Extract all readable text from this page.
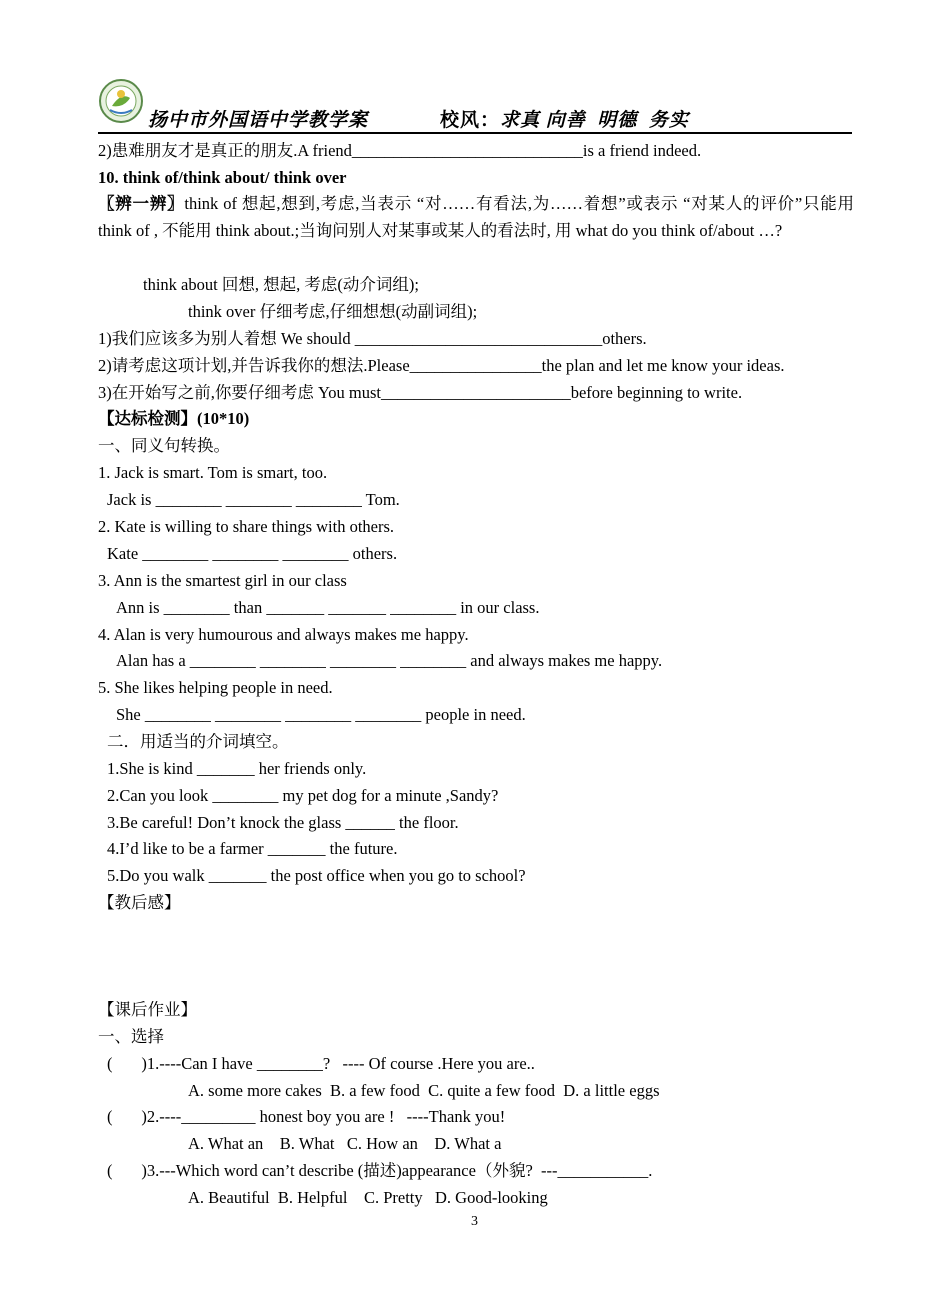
扬中市外国语中学教学案	校风：求真 向善 明德 务实
2)患难朋友才是真正的朋友.A friend____________________________is a friend indeed.
10. think of/think about/ think over
〖辨一辨〗think of 想起,想到,考虑,当表示 “对……有看法,为……着想”或表示 “对某人的评价”只能用 think of , 不能用 think about.;当询问别人对某事或某人的看法时, 用 what do you think of/about …?
think about 回想, 想起, 考虑(动介词组);
think over 仔细考虑,仔细想想(动副词组);
1)我们应该多为别人着想 We should ______________________________others.
2)请考虑这项计划,并告诉我你的想法.Please________________the plan and let me know your ideas.
3)在开始写之前,你要仔细考虑 You must_______________________before beginning to write.
【达标检测】(10*10)
一、同义句转换。
1. Jack is smart. Tom is smart, too.
Jack is ________ ________ ________ Tom.
2. Kate is willing to share things with others.
Kate ________ ________ ________ others.
3. Ann is the smartest girl in our class
Ann is ________ than _______ _______ ________ in our class.
4. Alan is very humourous and always makes me happy.
Alan has a ________ ________ ________ ________ and always makes me happy.
5. She likes helping people in need.
She ________ ________ ________ ________ people in need.
二．用适当的介词填空。
1.She is kind _______ her friends only.
2.Can you look ________ my pet dog for a minute ,Sandy?
3.Be careful! Don’t knock the glass ______ the floor.
4.I’d like to be a farmer _______ the future.
5.Do you walk _______ the post office when you go to school?
【教后感】
【课后作业】
一、选择
(       )1.----Can I have ________?   ---- Of course .Here you are..
A. some more cakes  B. a few food  C. quite a few food  D. a little eggs
(       )2.----_________ honest boy you are !   ----Thank you!
A. What an    B. What   C. How an    D. What a
(       )3.---Which word can’t describe (描述)appearance（外貌?  ---___________.
A. Beautiful  B. Helpful    C. Pretty   D. Good-looking
3
